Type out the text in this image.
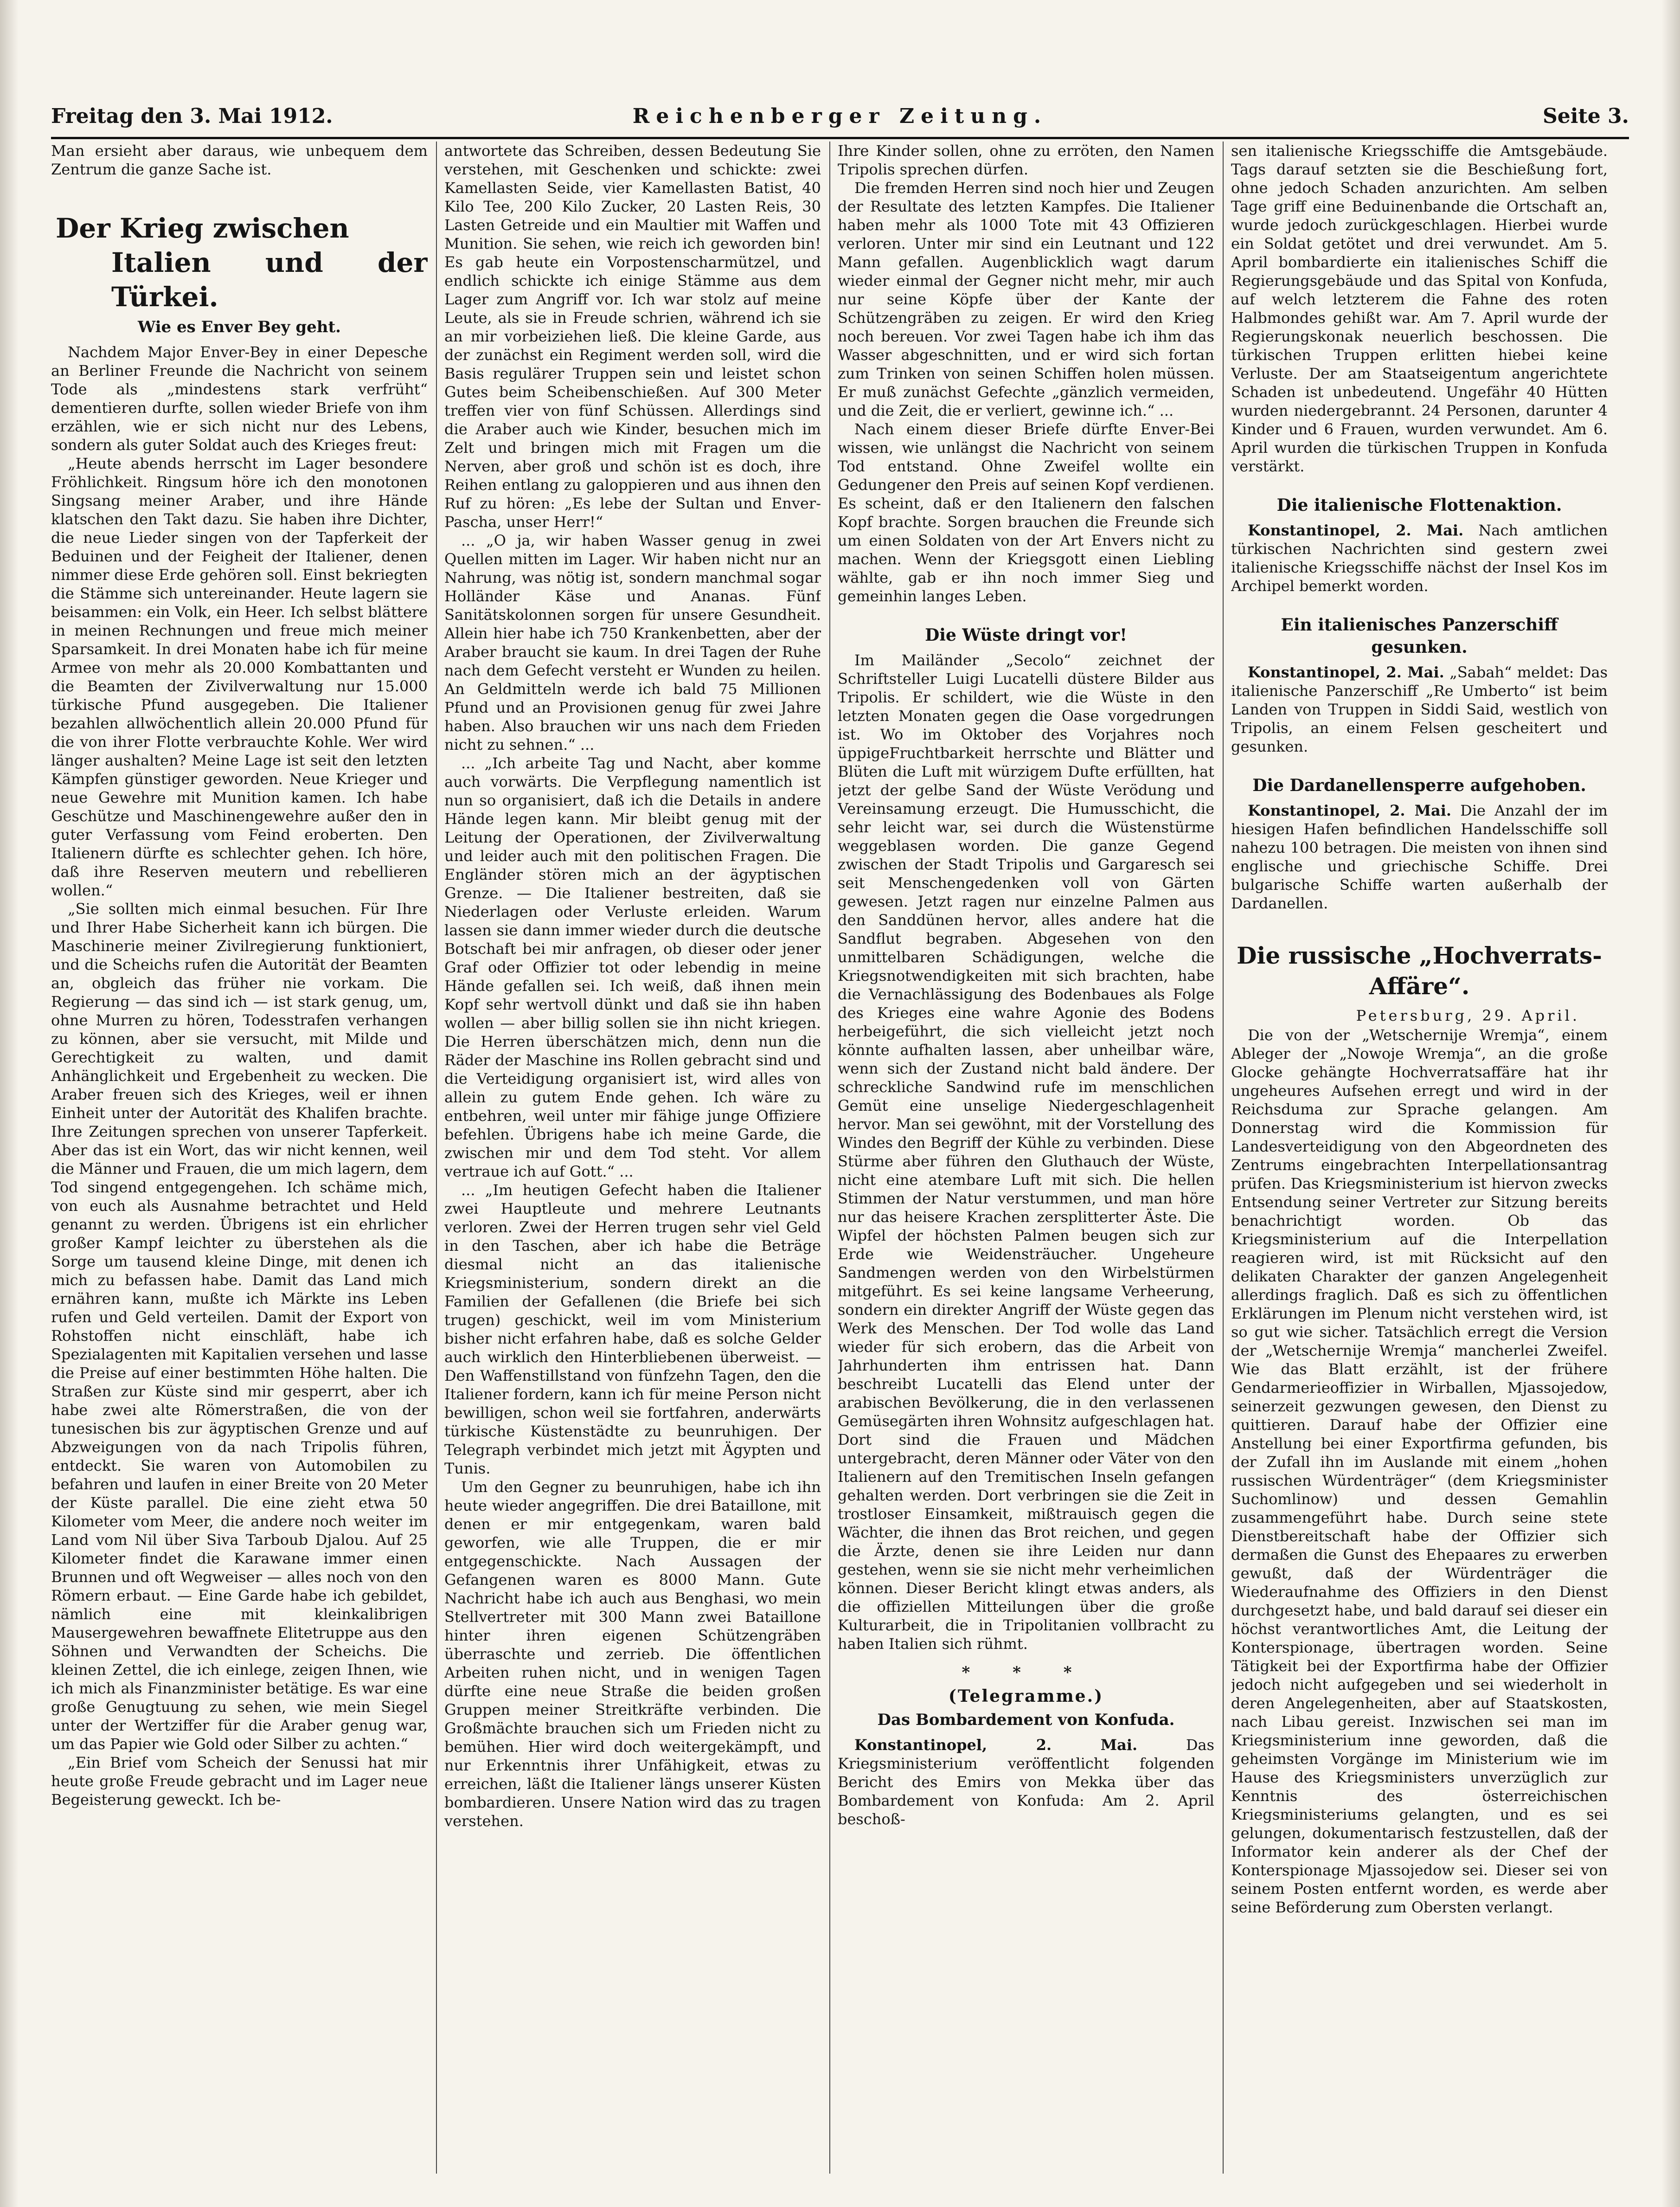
Freitag den 3. Mai 1912.	Reichenberger Zeitung.	Seite 3.

Man ersieht aber daraus, wie unbequem dem Zentrum die ganze Sache ist.

Der Krieg zwischen
Italien und der Türkei.
Wie es Enver Bey geht.

Nachdem Major Enver-Bey in einer Depesche an Berliner Freunde die Nachricht von seinem Tode als „mindestens stark verfrüht“ dementieren durfte, sollen wieder Briefe von ihm erzählen, wie er sich nicht nur des Lebens, sondern als guter Soldat auch des Krieges freut:

„Heute abends herrscht im Lager besondere Fröhlichkeit. Ringsum höre ich den monotonen Singsang meiner Araber, und ihre Hände klatschen den Takt dazu. Sie haben ihre Dichter, die neue Lieder singen von der Tapferkeit der Beduinen und der Feigheit der Italiener, denen nimmer diese Erde gehören soll. Einst bekriegten die Stämme sich untereinander. Heute lagern sie beisammen: ein Volk, ein Heer. Ich selbst blättere in meinen Rechnungen und freue mich meiner Sparsamkeit. In drei Monaten habe ich für meine Armee von mehr als 20.000 Kombattanten und die Beamten der Zivilverwaltung nur 15.000 türkische Pfund ausgegeben. Die Italiener bezahlen allwöchentlich allein 20.000 Pfund für die von ihrer Flotte verbrauchte Kohle. Wer wird länger aushalten? Meine Lage ist seit den letzten Kämpfen günstiger geworden. Neue Krieger und neue Gewehre mit Munition kamen. Ich habe Geschütze und Maschinengewehre außer den in guter Verfassung vom Feind eroberten. Den Italienern dürfte es schlechter gehen. Ich höre, daß ihre Reserven meutern und rebellieren wollen.“

„Sie sollten mich einmal besuchen. Für Ihre und Ihrer Habe Sicherheit kann ich bürgen. Die Maschinerie meiner Zivilregierung funktioniert, und die Scheichs rufen die Autorität der Beamten an, obgleich das früher nie vorkam. Die Regierung — das sind ich — ist stark genug, um, ohne Murren zu hören, Todesstrafen verhangen zu können, aber sie versucht, mit Milde und Gerechtigkeit zu walten, und damit Anhänglichkeit und Ergebenheit zu wecken. Die Araber freuen sich des Krieges, weil er ihnen Einheit unter der Autorität des Khalifen brachte. Ihre Zeitungen sprechen von unserer Tapferkeit. Aber das ist ein Wort, das wir nicht kennen, weil die Männer und Frauen, die um mich lagern, dem Tod singend entgegengehen. Ich schäme mich, von euch als Ausnahme betrachtet und Held genannt zu werden. Übrigens ist ein ehrlicher großer Kampf leichter zu überstehen als die Sorge um tausend kleine Dinge, mit denen ich mich zu befassen habe. Damit das Land mich ernähren kann, mußte ich Märkte ins Leben rufen und Geld verteilen. Damit der Export von Rohstoffen nicht einschläft, habe ich Spezialagenten mit Kapitalien versehen und lasse die Preise auf einer bestimmten Höhe halten. Die Straßen zur Küste sind mir gesperrt, aber ich habe zwei alte Römerstraßen, die von der tunesischen bis zur ägyptischen Grenze und auf Abzweigungen von da nach Tripolis führen, entdeckt. Sie waren von Automobilen zu befahren und laufen in einer Breite von 20 Meter der Küste parallel. Die eine zieht etwa 50 Kilometer vom Meer, die andere noch weiter im Land vom Nil über Siva Tarboub Djalou. Auf 25 Kilometer findet die Karawane immer einen Brunnen und oft Wegweiser — alles noch von den Römern erbaut. — Eine Garde habe ich gebildet, nämlich eine mit kleinkalibrigen Mausergewehren bewaffnete Elitetruppe aus den Söhnen und Verwandten der Scheichs. Die kleinen Zettel, die ich einlege, zeigen Ihnen, wie ich mich als Finanzminister betätige. Es war eine große Genugtuung zu sehen, wie mein Siegel unter der Wertziffer für die Araber genug war, um das Papier wie Gold oder Silber zu achten.“

„Ein Brief vom Scheich der Senussi hat mir heute große Freude gebracht und im Lager neue Begeisterung geweckt. Ich be-

antwortete das Schreiben, dessen Bedeutung Sie verstehen, mit Geschenken und schickte: zwei Kamellasten Seide, vier Kamellasten Batist, 40 Kilo Tee, 200 Kilo Zucker, 20 Lasten Reis, 30 Lasten Getreide und ein Maultier mit Waffen und Munition. Sie sehen, wie reich ich geworden bin! Es gab heute ein Vorpostenscharmützel, und endlich schickte ich einige Stämme aus dem Lager zum Angriff vor. Ich war stolz auf meine Leute, als sie in Freude schrien, während ich sie an mir vorbeiziehen ließ. Die kleine Garde, aus der zunächst ein Regiment werden soll, wird die Basis regulärer Truppen sein und leistet schon Gutes beim Scheibenschießen. Auf 300 Meter treffen vier von fünf Schüssen. Allerdings sind die Araber auch wie Kinder, besuchen mich im Zelt und bringen mich mit Fragen um die Nerven, aber groß und schön ist es doch, ihre Reihen entlang zu galoppieren und aus ihnen den Ruf zu hören: „Es lebe der Sultan und Enver-Pascha, unser Herr!“

... „O ja, wir haben Wasser genug in zwei Quellen mitten im Lager. Wir haben nicht nur an Nahrung, was nötig ist, sondern manchmal sogar Holländer Käse und Ananas. Fünf Sanitätskolonnen sorgen für unsere Gesundheit. Allein hier habe ich 750 Krankenbetten, aber der Araber braucht sie kaum. In drei Tagen der Ruhe nach dem Gefecht versteht er Wunden zu heilen. An Geldmitteln werde ich bald 75 Millionen Pfund und an Provisionen genug für zwei Jahre haben. Also brauchen wir uns nach dem Frieden nicht zu sehnen.“ ...

... „Ich arbeite Tag und Nacht, aber komme auch vorwärts. Die Verpflegung namentlich ist nun so organisiert, daß ich die Details in andere Hände legen kann. Mir bleibt genug mit der Leitung der Operationen, der Zivilverwaltung und leider auch mit den politischen Fragen. Die Engländer stören mich an der ägyptischen Grenze. — Die Italiener bestreiten, daß sie Niederlagen oder Verluste erleiden. Warum lassen sie dann immer wieder durch die deutsche Botschaft bei mir anfragen, ob dieser oder jener Graf oder Offizier tot oder lebendig in meine Hände gefallen sei. Ich weiß, daß ihnen mein Kopf sehr wertvoll dünkt und daß sie ihn haben wollen — aber billig sollen sie ihn nicht kriegen. Die Herren überschätzen mich, denn nun die Räder der Maschine ins Rollen gebracht sind und die Verteidigung organisiert ist, wird alles von allein zu gutem Ende gehen. Ich wäre zu entbehren, weil unter mir fähige junge Offiziere befehlen. Übrigens habe ich meine Garde, die zwischen mir und dem Tod steht. Vor allem vertraue ich auf Gott.“ ...

... „Im heutigen Gefecht haben die Italiener zwei Hauptleute und mehrere Leutnants verloren. Zwei der Herren trugen sehr viel Geld in den Taschen, aber ich habe die Beträge diesmal nicht an das italienische Kriegsministerium, sondern direkt an die Familien der Gefallenen (die Briefe bei sich trugen) geschickt, weil im vom Ministerium bisher nicht erfahren habe, daß es solche Gelder auch wirklich den Hinterbliebenen überweist. — Den Waffenstillstand von fünfzehn Tagen, den die Italiener fordern, kann ich für meine Person nicht bewilligen, schon weil sie fortfahren, anderwärts türkische Küstenstädte zu beunruhigen. Der Telegraph verbindet mich jetzt mit Ägypten und Tunis.

Um den Gegner zu beunruhigen, habe ich ihn heute wieder angegriffen. Die drei Bataillone, mit denen er mir entgegenkam, waren bald geworfen, wie alle Truppen, die er mir entgegenschickte. Nach Aussagen der Gefangenen waren es 8000 Mann. Gute Nachricht habe ich auch aus Benghasi, wo mein Stellvertreter mit 300 Mann zwei Bataillone hinter ihren eigenen Schützengräben überraschte und zerrieb. Die öffentlichen Arbeiten ruhen nicht, und in wenigen Tagen dürfte eine neue Straße die beiden großen Gruppen meiner Streitkräfte verbinden. Die Großmächte brauchen sich um Frieden nicht zu bemühen. Hier wird doch weitergekämpft, und nur Erkenntnis ihrer Unfähigkeit, etwas zu erreichen, läßt die Italiener längs unserer Küsten bombardieren. Unsere Nation wird das zu tragen verstehen.

Ihre Kinder sollen, ohne zu erröten, den Namen Tripolis sprechen dürfen.

Die fremden Herren sind noch hier und Zeugen der Resultate des letzten Kampfes. Die Italiener haben mehr als 1000 Tote mit 43 Offizieren verloren. Unter mir sind ein Leutnant und 122 Mann gefallen. Augenblicklich wagt darum wieder einmal der Gegner nicht mehr, mir auch nur seine Köpfe über der Kante der Schützengräben zu zeigen. Er wird den Krieg noch bereuen. Vor zwei Tagen habe ich ihm das Wasser abgeschnitten, und er wird sich fortan zum Trinken von seinen Schiffen holen müssen. Er muß zunächst Gefechte „gänzlich vermeiden, und die Zeit, die er verliert, gewinne ich.“ ...

Nach einem dieser Briefe dürfte Enver-Bei wissen, wie unlängst die Nachricht von seinem Tod entstand. Ohne Zweifel wollte ein Gedungener den Preis auf seinen Kopf verdienen. Es scheint, daß er den Italienern den falschen Kopf brachte. Sorgen brauchen die Freunde sich um einen Soldaten von der Art Envers nicht zu machen. Wenn der Kriegsgott einen Liebling wählte, gab er ihn noch immer Sieg und gemeinhin langes Leben.

Die Wüste dringt vor!

Im Mailänder „Secolo“ zeichnet der Schriftsteller Luigi Lucatelli düstere Bilder aus Tripolis. Er schildert, wie die Wüste in den letzten Monaten gegen die Oase vorgedrungen ist. Wo im Oktober des Vorjahres noch üppigeFruchtbarkeit herrschte und Blätter und Blüten die Luft mit würzigem Dufte erfüllten, hat jetzt der gelbe Sand der Wüste Verödung und Vereinsamung erzeugt. Die Humusschicht, die sehr leicht war, sei durch die Wüstenstürme weggeblasen worden. Die ganze Gegend zwischen der Stadt Tripolis und Gargaresch sei seit Menschengedenken voll von Gärten gewesen. Jetzt ragen nur einzelne Palmen aus den Sanddünen hervor, alles andere hat die Sandflut begraben. Abgesehen von den unmittelbaren Schädigungen, welche die Kriegsnotwendigkeiten mit sich brachten, habe die Vernachlässigung des Bodenbaues als Folge des Krieges eine wahre Agonie des Bodens herbeigeführt, die sich vielleicht jetzt noch könnte aufhalten lassen, aber unheilbar wäre, wenn sich der Zustand nicht bald ändere. Der schreckliche Sandwind rufe im menschlichen Gemüt eine unselige Niedergeschlagenheit hervor. Man sei gewöhnt, mit der Vorstellung des Windes den Begriff der Kühle zu verbinden. Diese Stürme aber führen den Gluthauch der Wüste, nicht eine atembare Luft mit sich. Die hellen Stimmen der Natur verstummen, und man höre nur das heisere Krachen zersplitterter Äste. Die Wipfel der höchsten Palmen beugen sich zur Erde wie Weidensträucher. Ungeheure Sandmengen werden von den Wirbelstürmen mitgeführt. Es sei keine langsame Verheerung, sondern ein direkter Angriff der Wüste gegen das Werk des Menschen. Der Tod wolle das Land wieder für sich erobern, das die Arbeit von Jahrhunderten ihm entrissen hat. Dann beschreibt Lucatelli das Elend unter der arabischen Bevölkerung, die in den verlassenen Gemüsegärten ihren Wohnsitz aufgeschlagen hat. Dort sind die Frauen und Mädchen untergebracht, deren Männer oder Väter von den Italienern auf den Tremitischen Inseln gefangen gehalten werden. Dort verbringen sie die Zeit in trostloser Einsamkeit, mißtrauisch gegen die Wächter, die ihnen das Brot reichen, und gegen die Ärzte, denen sie ihre Leiden nur dann gestehen, wenn sie sie nicht mehr verheimlichen können. Dieser Bericht klingt etwas anders, als die offiziellen Mitteilungen über die große Kulturarbeit, die in Tripolitanien vollbracht zu haben Italien sich rühmt.

* * *
(Telegramme.)
Das Bombardement von Konfuda.

Konstantinopel, 2. Mai.	Das Kriegsministerium veröffentlicht folgenden Bericht des Emirs von Mekka über das Bombardement von Konfuda: Am 2. April beschoß-

sen italienische Kriegsschiffe die Amtsgebäude. Tags darauf setzten sie die Beschießung fort, ohne jedoch Schaden anzurichten. Am selben Tage griff eine Beduinenbande die Ortschaft an, wurde jedoch zurückgeschlagen. Hierbei wurde ein Soldat getötet und drei verwundet. Am 5. April bombardierte ein italienisches Schiff die Regierungsgebäude und das Spital von Konfuda, auf welch letzterem die Fahne des roten Halbmondes gehißt war. Am 7. April wurde der Regierungskonak neuerlich beschossen. Die türkischen Truppen erlitten hiebei keine Verluste. Der am Staatseigentum angerichtete Schaden ist unbedeutend. Ungefähr 40 Hütten wurden niedergebrannt. 24 Personen, darunter 4 Kinder und 6 Frauen, wurden verwundet. Am 6. April wurden die türkischen Truppen in Konfuda verstärkt.

Die italienische Flottenaktion.

Konstantinopel, 2. Mai. Nach amtlichen türkischen Nachrichten sind gestern zwei italienische Kriegsschiffe nächst der Insel Kos im Archipel bemerkt worden.

Ein italienisches Panzerschiff gesunken.

Konstantinopel, 2. Mai. „Sabah“ meldet: Das italienische Panzerschiff „Re Umberto“ ist beim Landen von Truppen in Siddi Said, westlich von Tripolis, an einem Felsen gescheitert und gesunken.

Die Dardanellensperre aufgehoben.

Konstantinopel, 2. Mai. Die Anzahl der im hiesigen Hafen befindlichen Handelsschiffe soll nahezu 100 betragen. Die meisten von ihnen sind englische und griechische Schiffe. Drei bulgarische Schiffe warten außerhalb der Dardanellen.

Die russische „Hochverrats-Affäre“.
Petersburg, 29. April.

Die von der „Wetschernije Wremja“, einem Ableger der „Nowoje Wremja“, an die große Glocke gehängte Hochverratsaffäre hat ihr ungeheures Aufsehen erregt und wird in der Reichsduma zur Sprache gelangen. Am Donnerstag wird die Kommission für Landesverteidigung von den Abgeordneten des Zentrums eingebrachten Interpellationsantrag prüfen. Das Kriegsministerium ist hiervon zwecks Entsendung seiner Vertreter zur Sitzung bereits benachrichtigt worden. Ob das Kriegsministerium auf die Interpellation reagieren wird, ist mit Rücksicht auf den delikaten Charakter der ganzen Angelegenheit allerdings fraglich. Daß es sich zu öffentlichen Erklärungen im Plenum nicht verstehen wird, ist so gut wie sicher. Tatsächlich erregt die Version der „Wetschernije Wremja“ mancherlei Zweifel. Wie das Blatt erzählt, ist der frühere Gendarmerieoffizier in Wirballen, Mjassojedow, seinerzeit gezwungen gewesen, den Dienst zu quittieren. Darauf habe der Offizier eine Anstellung bei einer Exportfirma gefunden, bis der Zufall ihn im Auslande mit einem „hohen russischen Würdenträger“ (dem Kriegsminister Suchomlinow) und dessen Gemahlin zusammengeführt habe. Durch seine stete Dienstbereitschaft habe der Offizier sich dermaßen die Gunst des Ehepaares zu erwerben gewußt, daß der Würdenträger die Wiederaufnahme des Offiziers in den Dienst durchgesetzt habe, und bald darauf sei dieser ein höchst verantwortliches Amt, die Leitung der Konterspionage, übertragen worden. Seine Tätigkeit bei der Exportfirma habe der Offizier jedoch nicht aufgegeben und sei wiederholt in deren Angelegenheiten, aber auf Staatskosten, nach Libau gereist. Inzwischen sei man im Kriegsministerium inne geworden, daß die geheimsten Vorgänge im Ministerium wie im Hause des Kriegsministers unverzüglich zur Kenntnis des österreichischen Kriegsministeriums gelangten, und es sei gelungen, dokumentarisch festzustellen, daß der Informator kein anderer als der Chef der Konterspionage Mjassojedow sei. Dieser sei von seinem Posten entfernt worden, es werde aber seine Beförderung zum Obersten verlangt.
